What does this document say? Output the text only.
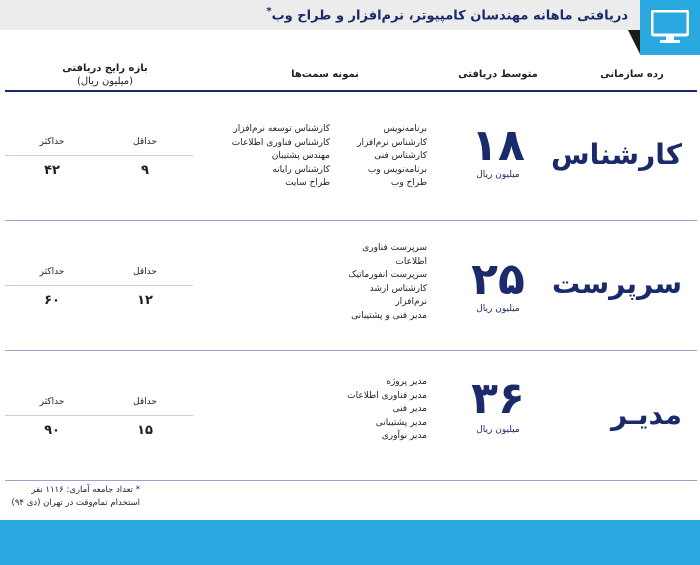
دریافتی ماهانه مهندسان کامپیوتر، نرم‌افزار و طراح وب*
رده سازمانی
متوسط دریافتی
نمونه سمت‌ها
بازه رایج دریافتی
(میلیون ریال)
کارشناس
۱۸
میلیون ریال
برنامه‌نویس
کارشناس نرم‌افزار
کارشناس فنی
برنامه‌نویس وب
طراح وب
کارشناس توسعه نرم‌افزار
کارشناس فناوری اطلاعات
مهندس پشتیبان
کارشناس رایانه
طراح سایت
حداقل
حداکثر
۹
۴۲
سرپرست
۲۵
میلیون ریال
سرپرست فناوری
اطلاعات
سرپرست انفورماتیک
کارشناس ارشد
نرم‌افزار
مدیر فنی و پشتیبانی
حداقل
حداکثر
۱۲
۶۰
مدیـر
۳۶
میلیون ریال
مدیر پروژه
مدیر فناوری اطلاعات
مدیر فنی
مدیر پشتیبانی
مدیر نوآوری
حداقل
حداکثر
۱۵
۹۰
* تعداد جامعه آماری: ۱۱۱۶ نفر
استخدام تمام‌وقت در تهران (دی ۹۴)
